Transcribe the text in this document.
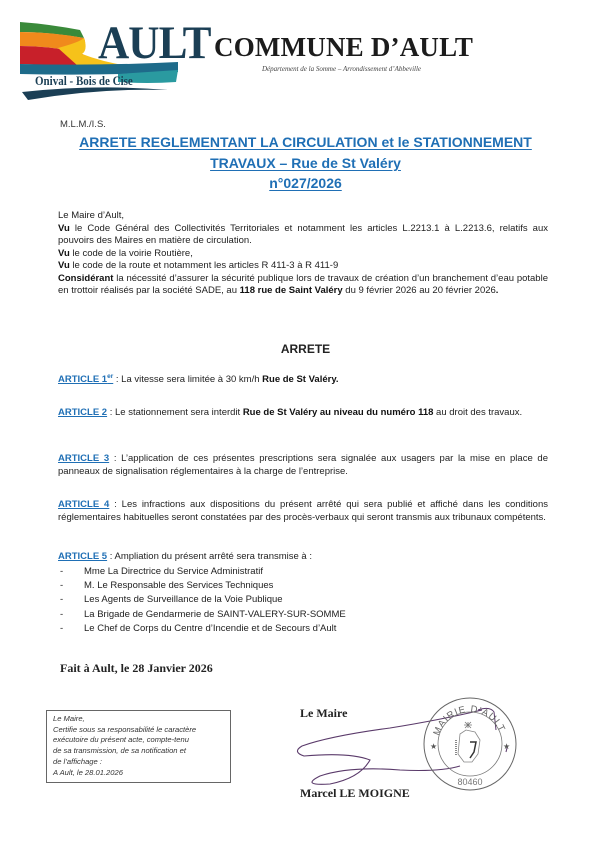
AULT
Onival - Bois de Cise
COMMUNE D’AULT
Département de la Somme – Arrondissement d’Abbeville
M.L.M./I.S.
ARRETE REGLEMENTANT LA CIRCULATION et le STATIONNEMENT
TRAVAUX – Rue de St Valéry
n°027/2026
Le Maire d’Ault,
Vu le Code Général des Collectivités Territoriales et notamment les articles L.2213.1 à L.2213.6, relatifs aux pouvoirs des Maires en matière de circulation.
Vu le code de la voirie Routière,
Vu le code de la route et notamment les articles R 411-3 à R 411-9
Considérant la nécessité d’assurer la sécurité publique lors de travaux de création d’un branchement d’eau potable en trottoir réalisés par la société SADE, au 118 rue de Saint Valéry du 9 février 2026 au 20 février 2026.
ARRETE
ARTICLE 1er : La vitesse sera limitée à 30 km/h Rue de St Valéry.
ARTICLE 2 : Le stationnement sera interdit Rue de St Valéry au niveau du numéro 118 au droit des travaux.
ARTICLE 3 : L’application de ces présentes prescriptions sera signalée aux usagers par la mise en place de panneaux de signalisation réglementaires à la charge de l’entreprise.
ARTICLE 4 : Les infractions aux dispositions du présent arrêté qui sera publié et affiché dans les conditions réglementaires habituelles seront constatées par des procès-verbaux qui seront transmis aux tribunaux compétents.
ARTICLE 5 : Ampliation du présent arrêté sera transmise à :
- Mme La Directrice du Service Administratif
- M. Le Responsable des Services Techniques
- Les Agents de Surveillance de la Voie Publique
- La Brigade de Gendarmerie de SAINT-VALERY-SUR-SOMME
- Le Chef de Corps du Centre d’Incendie et de Secours d’Ault
Fait à Ault, le 28 Janvier 2026
Le Maire,
Certifie sous sa responsabilité le caractère
exécutoire du présent acte, compte-tenu
de sa transmission, de sa notification et
de l’affichage :
A Ault, le 28.01.2026
MAIRIE D’AULT
★	★
80460
Le Maire
Marcel LE MOIGNE
